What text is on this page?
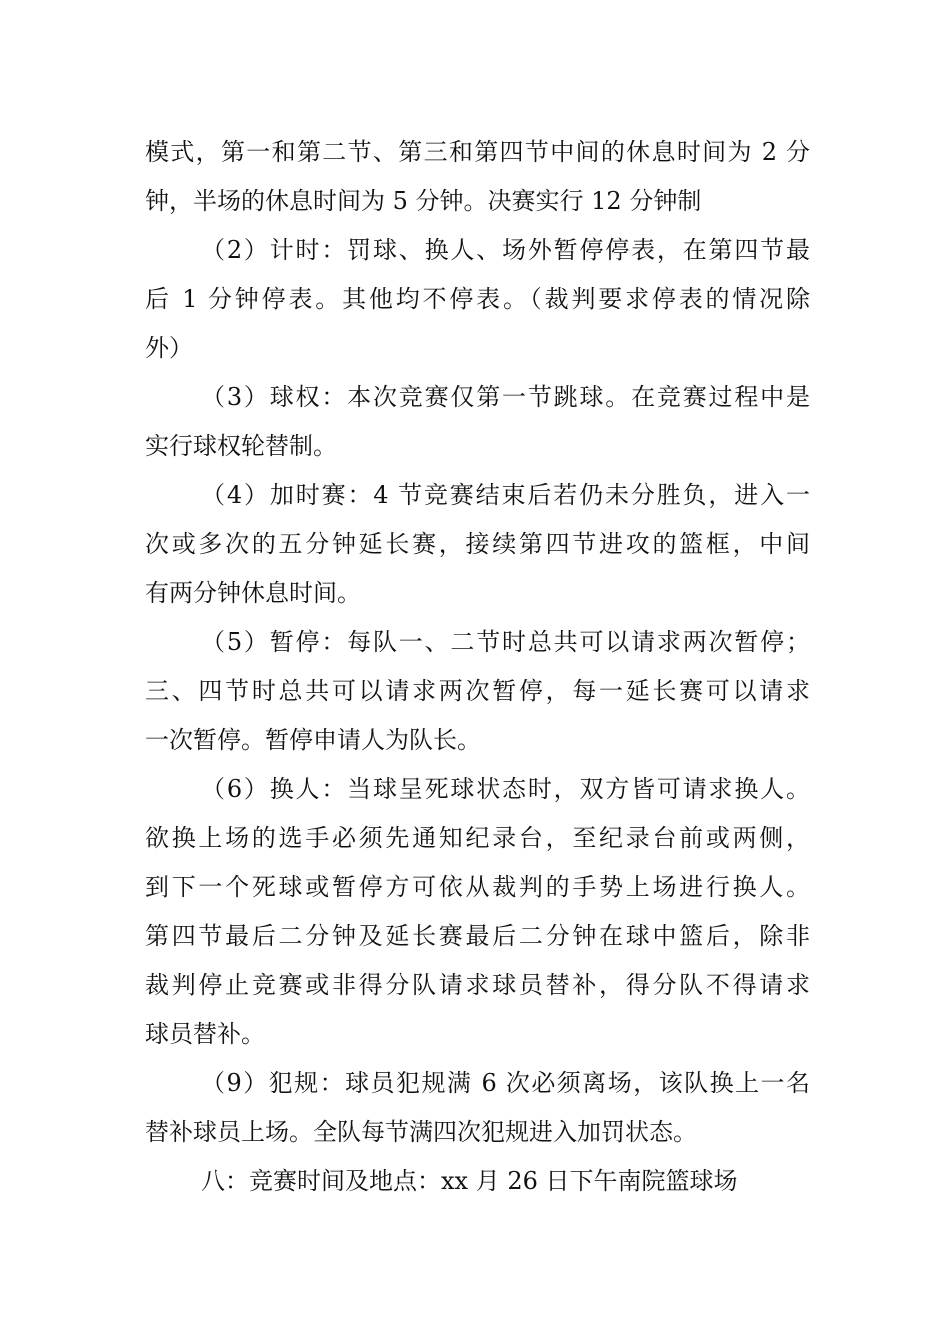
模式，第一和第二节、第三和第四节中间的休息时间为 2 分
钟，半场的休息时间为 5 分钟。决赛实行 12 分钟制
（2）计时：罚球、换人、场外暂停停表，在第四节最
后 1 分钟停表。其他均不停表。（裁判要求停表的情况除
外）
（3）球权：本次竞赛仅第一节跳球。在竞赛过程中是
实行球权轮替制。
（4）加时赛：4 节竞赛结束后若仍未分胜负，进入一
次或多次的五分钟延长赛，接续第四节进攻的篮框，中间
有两分钟休息时间。
（5）暂停：每队一、二节时总共可以请求两次暂停；
三、四节时总共可以请求两次暂停，每一延长赛可以请求
一次暂停。暂停申请人为队长。
（6）换人：当球呈死球状态时，双方皆可请求换人。
欲换上场的选手必须先通知纪录台，至纪录台前或两侧，
到下一个死球或暂停方可依从裁判的手势上场进行换人。
第四节最后二分钟及延长赛最后二分钟在球中篮后，除非
裁判停止竞赛或非得分队请求球员替补，得分队不得请求
球员替补。
（9）犯规：球员犯规满 6 次必须离场，该队换上一名
替补球员上场。全队每节满四次犯规进入加罚状态。
八：竞赛时间及地点：xx 月 26 日下午南院篮球场
